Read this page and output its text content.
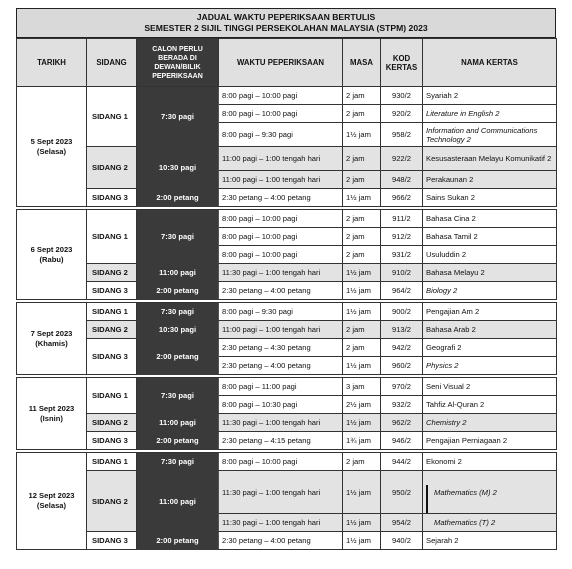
JADUAL WAKTU PEPERIKSAAN BERTULIS
SEMESTER 2 SIJIL TINGGI PERSEKOLAHAN MALAYSIA (STPM) 2023
TARIKH	SIDANG	CALON PERLU BERADA DI DEWAN/BILIK PEPERIKSAAN	WAKTU PEPERIKSAAN	MASA	KOD KERTAS	NAMA KERTAS

5 Sept 2023
(Selasa)	SIDANG 1	7:30 pagi	8:00 pagi – 10:00 pagi	2 jam	930/2	Syariah 2
			8:00 pagi – 10:00 pagi	2 jam	920/2	Literature in English 2
			8:00 pagi – 9:30 pagi	1½ jam	958/2	Information and Communications Technology 2
	SIDANG 2	10:30 pagi	11:00 pagi – 1:00 tengah hari	2 jam	922/2	Kesusasteraan Melayu Komunikatif 2
			11:00 pagi – 1:00 tengah hari	2 jam	948/2	Perakaunan 2
	SIDANG 3	2:00 petang	2:30 petang – 4:00 petang	1½ jam	966/2	Sains Sukan 2

6 Sept 2023
(Rabu)	SIDANG 1	7:30 pagi	8:00 pagi – 10:00 pagi	2 jam	911/2	Bahasa Cina 2
			8:00 pagi – 10:00 pagi	2 jam	912/2	Bahasa Tamil 2
			8:00 pagi – 10:00 pagi	2 jam	931/2	Usuluddin 2
	SIDANG 2	11:00 pagi	11:30 pagi – 1:00 tengah hari	1½ jam	910/2	Bahasa Melayu 2
	SIDANG 3	2:00 petang	2:30 petang – 4:00 petang	1½ jam	964/2	Biology 2

7 Sept 2023
(Khamis)	SIDANG 1	7:30 pagi	8:00 pagi – 9:30 pagi	1½ jam	900/2	Pengajian Am 2
	SIDANG 2	10:30 pagi	11:00 pagi – 1:00 tengah hari	2 jam	913/2	Bahasa Arab 2
	SIDANG 3	2:00 petang	2:30 petang – 4:30 petang	2 jam	942/2	Geografi 2
			2:30 petang – 4:00 petang	1½ jam	960/2	Physics 2

11 Sept 2023
(Isnin)	SIDANG 1	7:30 pagi	8:00 pagi – 11:00 pagi	3 jam	970/2	Seni Visual 2
			8:00 pagi – 10:30 pagi	2½ jam	932/2	Tahfiz Al-Quran 2
	SIDANG 2	11:00 pagi	11:30 pagi – 1:00 tengah hari	1½ jam	962/2	Chemistry 2
	SIDANG 3	2:00 petang	2:30 petang – 4:15 petang	1¾ jam	946/2	Pengajian Perniagaan 2

12 Sept 2023
(Selasa)	SIDANG 1	7:30 pagi	8:00 pagi – 10:00 pagi	2 jam	944/2	Ekonomi 2
	SIDANG 2	11:00 pagi	11:30 pagi – 1:00 tengah hari	1½ jam	950/2	Mathematics (M) 2

			11:30 pagi – 1:00 tengah hari	1½ jam	954/2	Mathematics (T) 2

	SIDANG 3	2:00 petang	2:30 petang – 4:00 petang	1½ jam	940/2	Sejarah 2
